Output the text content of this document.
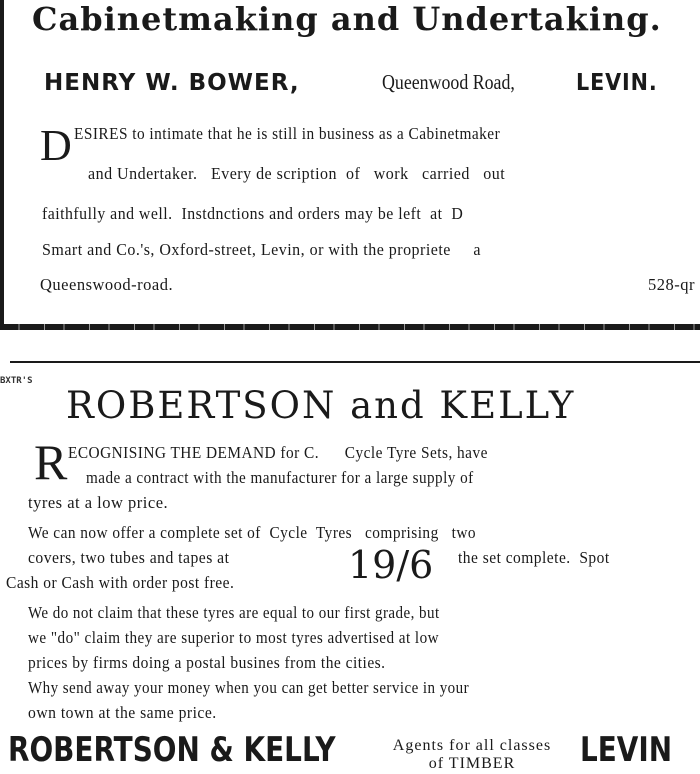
Cabinetmaking and Undertaking.
HENRY W. BOWER,	Queenwood Road,	LEVIN.
D ESIRES to intimate that he is still in business as a Cabinetmaker
and Undertaker.   Every de scription  of   work   carried   out
faithfully and well.  Instdnctions and orders may be left  at  D
Smart and Co.'s, Oxford-street, Levin, or with the propriete     a
Queenswood-road.	528-qr
BXTR'S
ROBERTSON and KELLY
R ECOGNISING THE DEMAND for C.      Cycle Tyre Sets, have
made a contract with the manufacturer for a large supply of
tyres at a low price.
We can now offer a complete set of  Cycle  Tyres   comprising   two
covers, two tubes and tapes at	19/6 the set complete.  Spot
Cash or Cash with order post free.
We do not claim that these tyres are equal to our first grade, but
we "do" claim they are superior to most tyres advertised at low
prices by firms doing a postal busines from the cities.
Why send away your money when you can get better service in your
own town at the same price.
ROBERTSON & KELLY	Agents for all classes
of TIMBER	LEVIN
